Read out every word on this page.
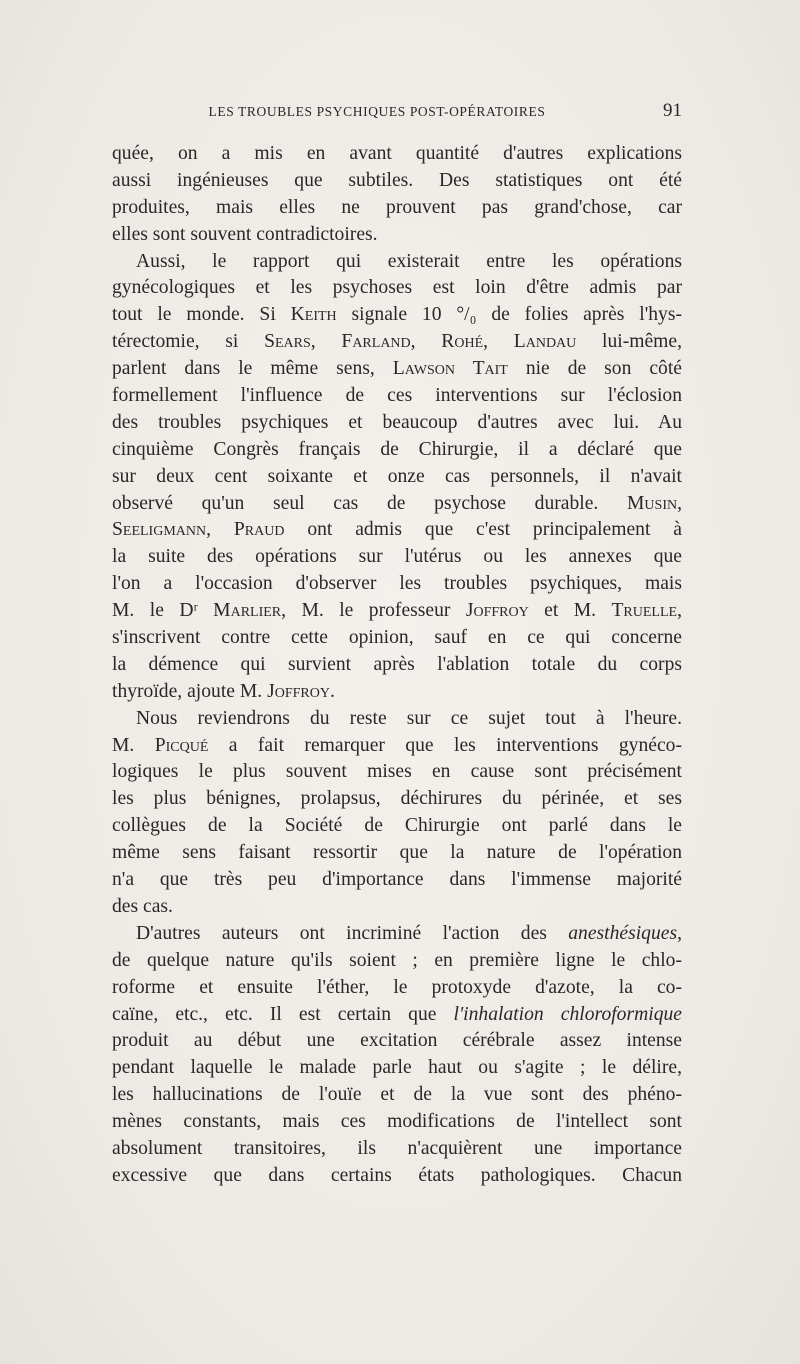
LES TROUBLES PSYCHIQUES POST-OPÉRATOIRES	91
quée, on a mis en avant quantité d'autres explications
aussi ingénieuses que subtiles. Des statistiques ont été
produites, mais elles ne prouvent pas grand'chose, car
elles sont souvent contradictoires.
Aussi, le rapport qui existerait entre les opérations
gynécologiques et les psychoses est loin d'être admis par
tout le monde. Si Keith signale 10 °/₀ de folies après l'hys-
térectomie, si Sears, Farland, Rohé, Landau lui-même,
parlent dans le même sens, Lawson Tait nie de son côté
formellement l'influence de ces interventions sur l'éclosion
des troubles psychiques et beaucoup d'autres avec lui. Au
cinquième Congrès français de Chirurgie, il a déclaré que
sur deux cent soixante et onze cas personnels, il n'avait
observé qu'un seul cas de psychose durable. Musin,
Seeligmann, Praud ont admis que c'est principalement à
la suite des opérations sur l'utérus ou les annexes que
l'on a l'occasion d'observer les troubles psychiques, mais
M. le Dʳ Marlier, M. le professeur Joffroy et M. Truelle,
s'inscrivent contre cette opinion, sauf en ce qui concerne
la démence qui survient après l'ablation totale du corps
thyroïde, ajoute M. Joffroy.
Nous reviendrons du reste sur ce sujet tout à l'heure.
M. Picqué a fait remarquer que les interventions gynéco-
logiques le plus souvent mises en cause sont précisément
les plus bénignes, prolapsus, déchirures du périnée, et ses
collègues de la Société de Chirurgie ont parlé dans le
même sens faisant ressortir que la nature de l'opération
n'a que très peu d'importance dans l'immense majorité
des cas.
D'autres auteurs ont incriminé l'action des anesthésiques,
de quelque nature qu'ils soient ; en première ligne le chlo-
roforme et ensuite l'éther, le protoxyde d'azote, la co-
caïne, etc., etc. Il est certain que l'inhalation chloroformique
produit au début une excitation cérébrale assez intense
pendant laquelle le malade parle haut ou s'agite ; le délire,
les hallucinations de l'ouïe et de la vue sont des phéno-
mènes constants, mais ces modifications de l'intellect sont
absolument transitoires, ils n'acquièrent une importance
excessive que dans certains états pathologiques. Chacun
